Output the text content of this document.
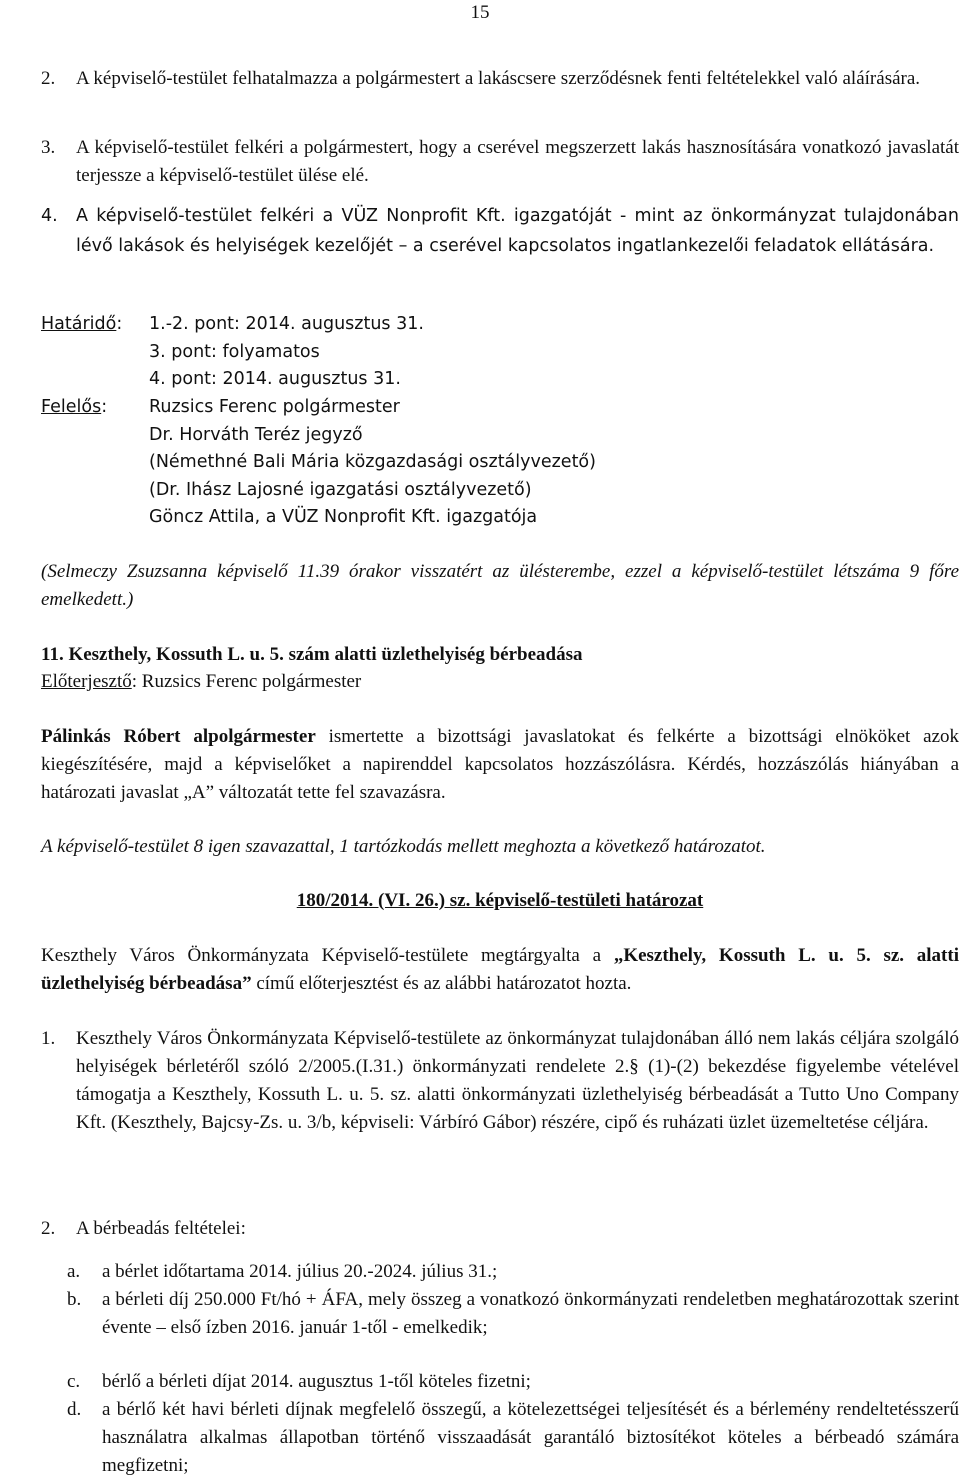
15
2. A képviselő-testület felhatalmazza a polgármestert a lakáscsere szerződésnek fenti feltételekkel való aláírására.
3. A képviselő-testület felkéri a polgármestert, hogy a cserével megszerzett lakás hasznosítására vonatkozó javaslatát terjessze a képviselő-testület ülése elé.
4. A képviselő-testület felkéri a VÜZ Nonprofit Kft. igazgatóját - mint az önkormányzat tulajdonában lévő lakások és helyiségek kezelőjét – a cserével kapcsolatos ingatlankezelői feladatok ellátására.
Határidő: 1.-2. pont: 2014. augusztus 31.
3. pont: folyamatos
4. pont: 2014. augusztus 31.
Felelős: Ruzsics Ferenc polgármester
Dr. Horváth Teréz jegyző
(Némethné Bali Mária közgazdasági osztályvezető)
(Dr. Ihász Lajosné igazgatási osztályvezető)
Göncz Attila, a VÜZ Nonprofit Kft. igazgatója
(Selmeczy Zsuzsanna képviselő 11.39 órakor visszatért az ülésterembe, ezzel a képviselő-testület létszáma 9 főre emelkedett.)
11. Keszthely, Kossuth L. u. 5. szám alatti üzlethelyiség bérbeadása
Előterjesztő: Ruzsics Ferenc polgármester
Pálinkás Róbert alpolgármester ismertette a bizottsági javaslatokat és felkérte a bizottsági elnököket azok kiegészítésére, majd a képviselőket a napirenddel kapcsolatos hozzászólásra. Kérdés, hozzászólás hiányában a határozati javaslat „A” változatát tette fel szavazásra.
A képviselő-testület 8 igen szavazattal, 1 tartózkodás mellett meghozta a következő határozatot.
180/2014. (VI. 26.) sz. képviselő-testületi határozat
Keszthely Város Önkormányzata Képviselő-testülete megtárgyalta a „Keszthely, Kossuth L. u. 5. sz. alatti üzlethelyiség bérbeadása” című előterjesztést és az alábbi határozatot hozta.
1. Keszthely Város Önkormányzata Képviselő-testülete az önkormányzat tulajdonában álló nem lakás céljára szolgáló helyiségek bérletéről szóló 2/2005.(I.31.) önkormányzati rendelete 2.§ (1)-(2) bekezdése figyelembe vételével támogatja a Keszthely, Kossuth L. u. 5. sz. alatti önkormányzati üzlethelyiség bérbeadását a Tutto Uno Company Kft. (Keszthely, Bajcsy-Zs. u. 3/b, képviseli: Várbíró Gábor) részére, cipő és ruházati üzlet üzemeltetése céljára.
2. A bérbeadás feltételei:
a. a bérlet időtartama 2014. július 20.-2024. július 31.;
b. a bérleti díj 250.000 Ft/hó + ÁFA, mely összeg a vonatkozó önkormányzati rendeletben meghatározottak szerint évente – első ízben 2016. január 1-től - emelkedik;
c. bérlő a bérleti díjat 2014. augusztus 1-től köteles fizetni;
d. a bérlő két havi bérleti díjnak megfelelő összegű, a kötelezettségei teljesítését és a bérlemény rendeltetésszerű használatra alkalmas állapotban történő visszaadását garantáló biztosítékot köteles a bérbeadó számára megfizetni;
